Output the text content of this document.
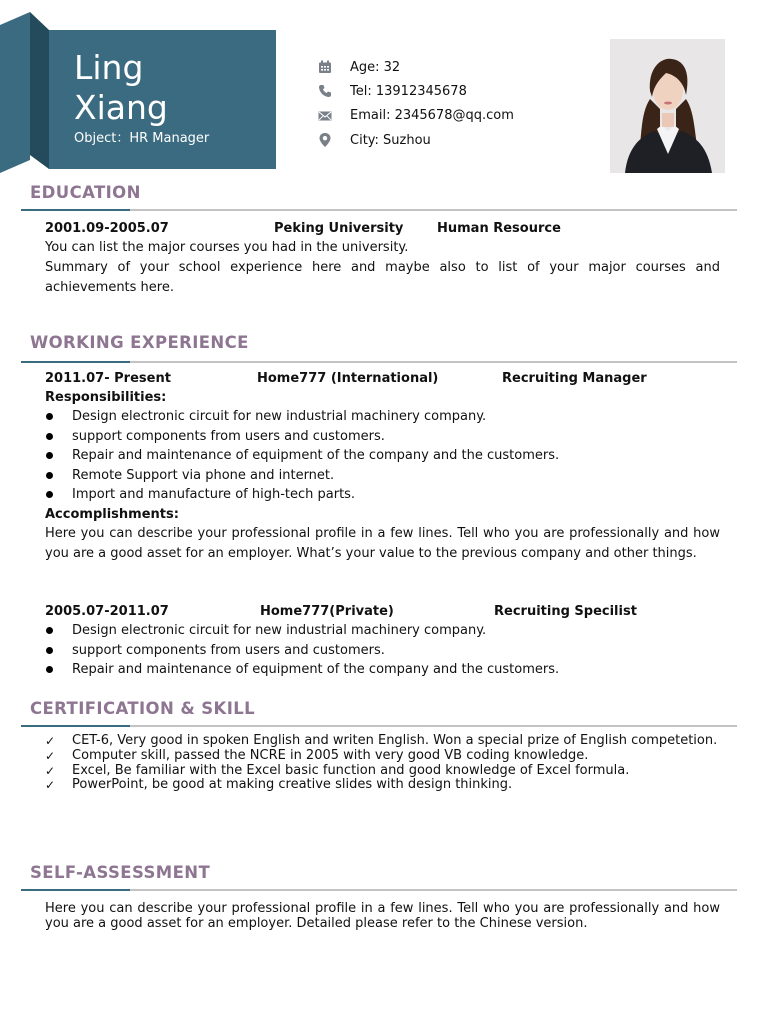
Ling
Xiang
Object：HR Manager
Age: 32
Tel: 13912345678
Email: 2345678@qq.com
City: Suzhou
EDUCATION
2001.09-2005.07	Peking University	Human Resource
You can list the major courses you had in the university.
Summary of your school experience here and maybe also to list of your major courses and achievements here.
WORKING EXPERIENCE
2011.07- Present	Home777 (International)	Recruiting Manager
Responsibilities:
Design electronic circuit for new industrial machinery company.
support components from users and customers.
Repair and maintenance of equipment of the company and the customers.
Remote Support via phone and internet.
Import and manufacture of high-tech parts.
Accomplishments:
Here you can describe your professional profile in a few lines. Tell who you are professionally and how you are a good asset for an employer. What’s your value to the previous company and other things.
2005.07-2011.07	Home777(Private)	Recruiting Specilist
Design electronic circuit for new industrial machinery company.
support components from users and customers.
Repair and maintenance of equipment of the company and the customers.
CERTIFICATION & SKILL
✓ CET-6, Very good in spoken English and writen English. Won a special prize of English competetion.
✓ Computer skill, passed the NCRE in 2005 with very good VB coding knowledge.
✓ Excel, Be familiar with the Excel basic function and good knowledge of Excel formula.
✓ PowerPoint, be good at making creative slides with design thinking.
SELF-ASSESSMENT
Here you can describe your professional profile in a few lines. Tell who you are professionally and how you are a good asset for an employer. Detailed please refer to the Chinese version.
